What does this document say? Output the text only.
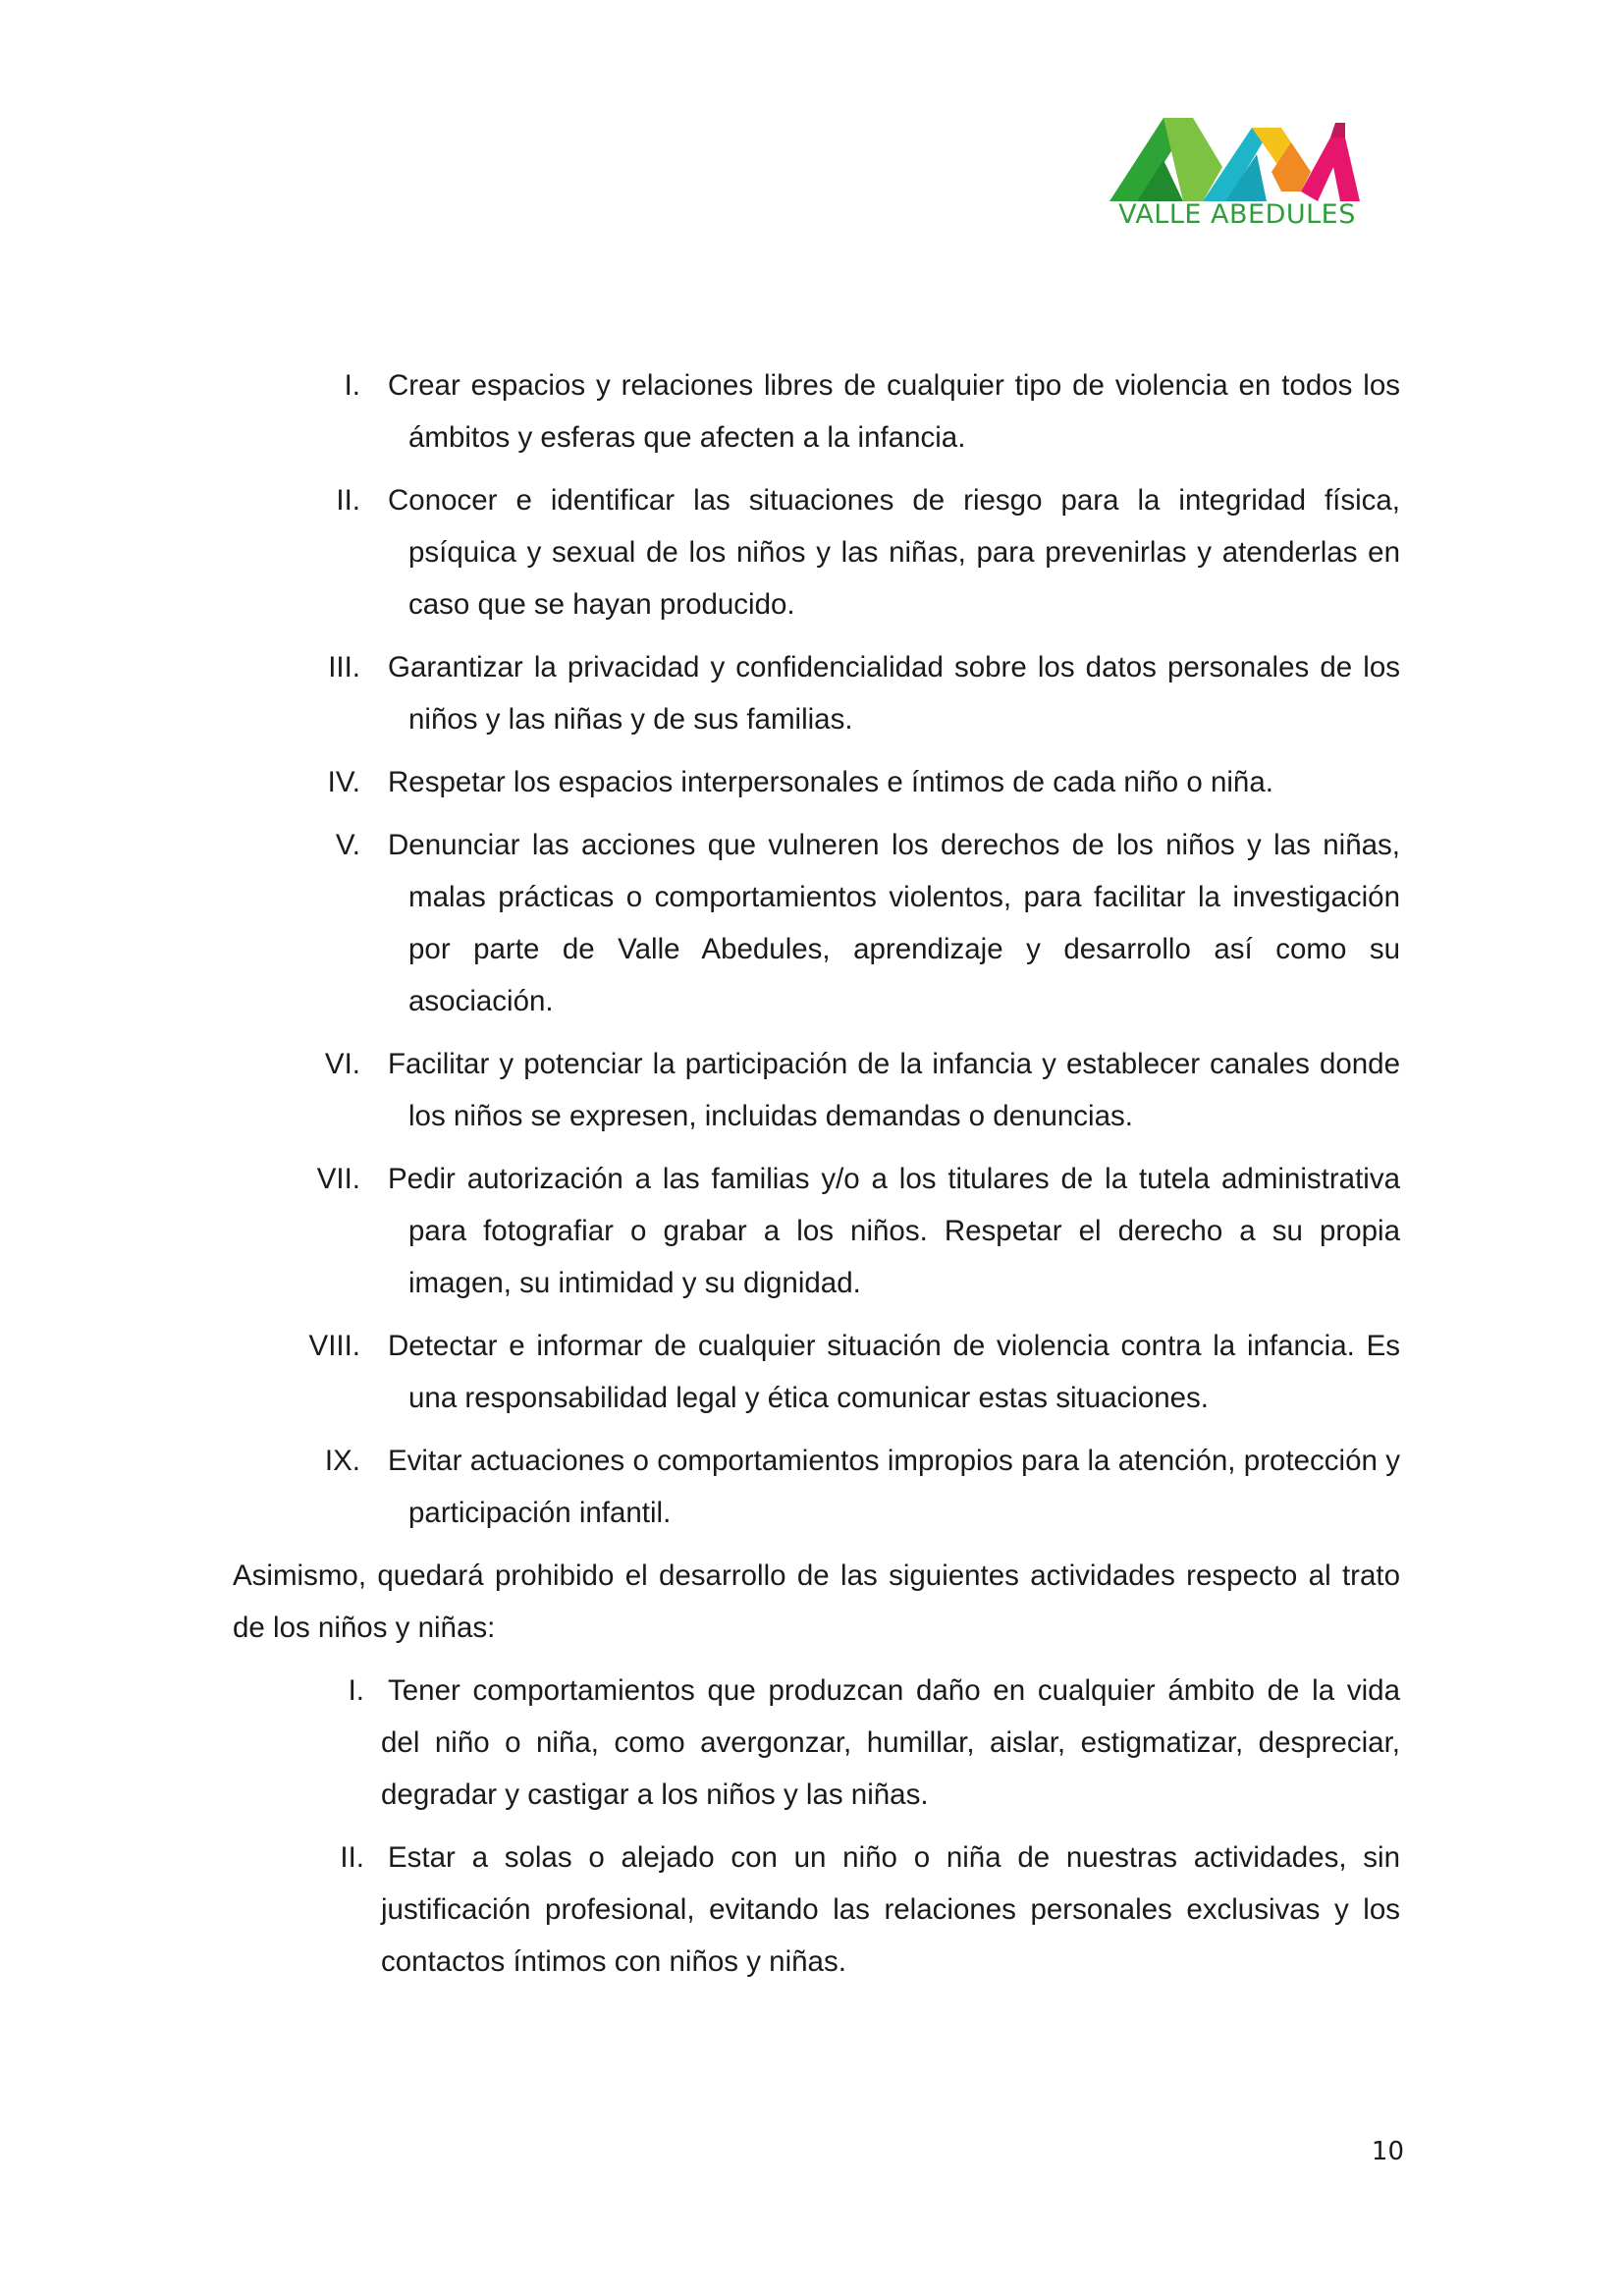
VALLE ABEDULES
I. Crear espacios y relaciones libres de cualquier tipo de violencia en todos los ámbitos y esferas que afecten a la infancia.
II. Conocer e identificar las situaciones de riesgo para la integridad física, psíquica y sexual de los niños y las niñas, para prevenirlas y atenderlas en caso que se hayan producido.
III. Garantizar la privacidad y confidencialidad sobre los datos personales de los niños y las niñas y de sus familias.
IV. Respetar los espacios interpersonales e íntimos de cada niño o niña.
V. Denunciar las acciones que vulneren los derechos de los niños y las niñas, malas prácticas o comportamientos violentos, para facilitar la investigación por parte de Valle Abedules, aprendizaje y desarrollo así como su asociación.
VI. Facilitar y potenciar la participación de la infancia y establecer canales donde los niños se expresen, incluidas demandas o denuncias.
VII. Pedir autorización a las familias y/o a los titulares de la tutela administrativa para fotografiar o grabar a los niños. Respetar el derecho a su propia imagen, su intimidad y su dignidad.
VIII. Detectar e informar de cualquier situación de violencia contra la infancia. Es una responsabilidad legal y ética comunicar estas situaciones.
IX. Evitar actuaciones o comportamientos impropios para la atención, protección y participación infantil.
Asimismo, quedará prohibido el desarrollo de las siguientes actividades respecto al trato de los niños y niñas:
I. Tener comportamientos que produzcan daño en cualquier ámbito de la vida del niño o niña, como avergonzar, humillar, aislar, estigmatizar, despreciar, degradar y castigar a los niños y las niñas.
II. Estar a solas o alejado con un niño o niña de nuestras actividades, sin justificación profesional, evitando las relaciones personales exclusivas y los contactos íntimos con niños y niñas.
10
